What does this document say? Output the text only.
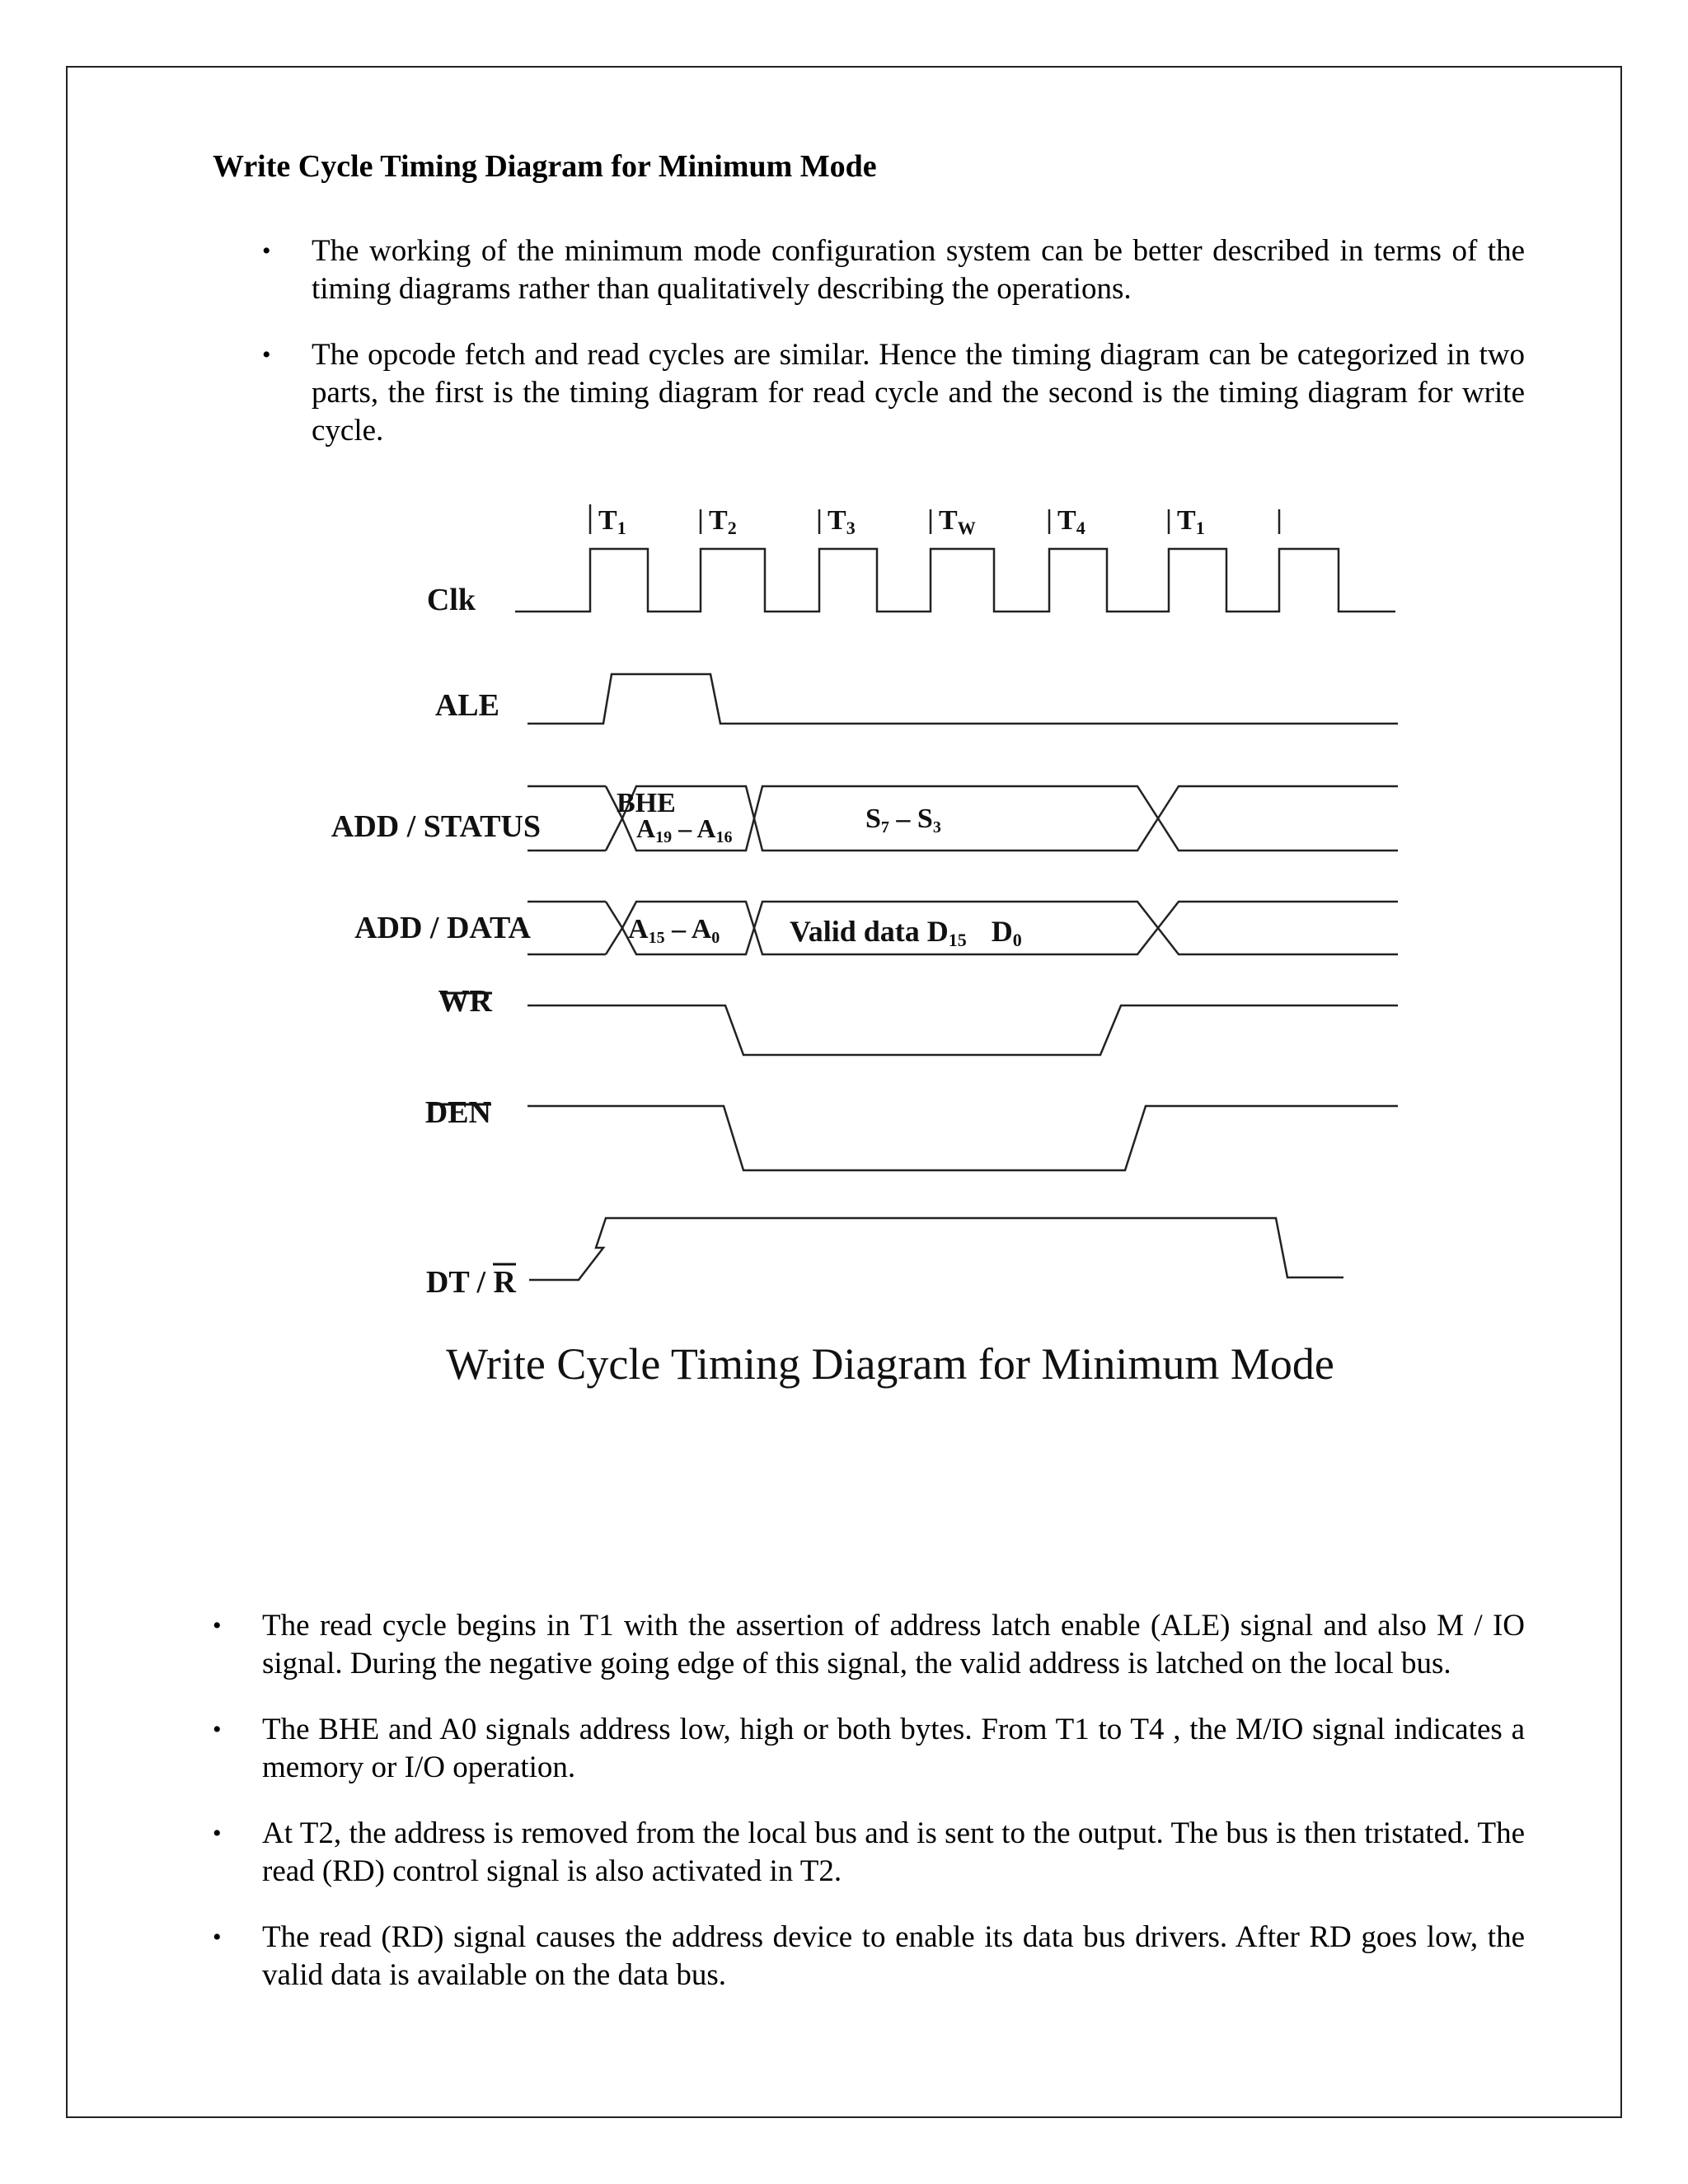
Write Cycle Timing Diagram for Minimum Mode
• The working of the minimum mode configuration system can be better described in terms of the timing diagrams rather than qualitatively describing the operations.
• The opcode fetch and read cycles are similar. Hence the timing diagram can be categorized in two parts, the first is the timing diagram for read cycle and the second is the timing diagram for write cycle.
T1	T2	T3	TW	T4	T1
Clk
ALE
ADD / STATUS
ADD / DATA
WR
DEN
DT / R
BHE
A19 – A16
S7 – S3
A15 – A0 Valid data D15 D0
Write Cycle Timing Diagram for Minimum Mode
• The read cycle begins in T1 with the assertion of address latch enable (ALE) signal and also M / IO signal. During the negative going edge of this signal, the valid address is latched on the local bus.
• The BHE and A0 signals address low, high or both bytes. From T1 to T4 , the M/IO signal indicates a memory or I/O operation.
• At T2, the address is removed from the local bus and is sent to the output. The bus is then tristated. The read (RD) control signal is also activated in T2.
• The read (RD) signal causes the address device to enable its data bus drivers. After RD goes low, the valid data is available on the data bus.
